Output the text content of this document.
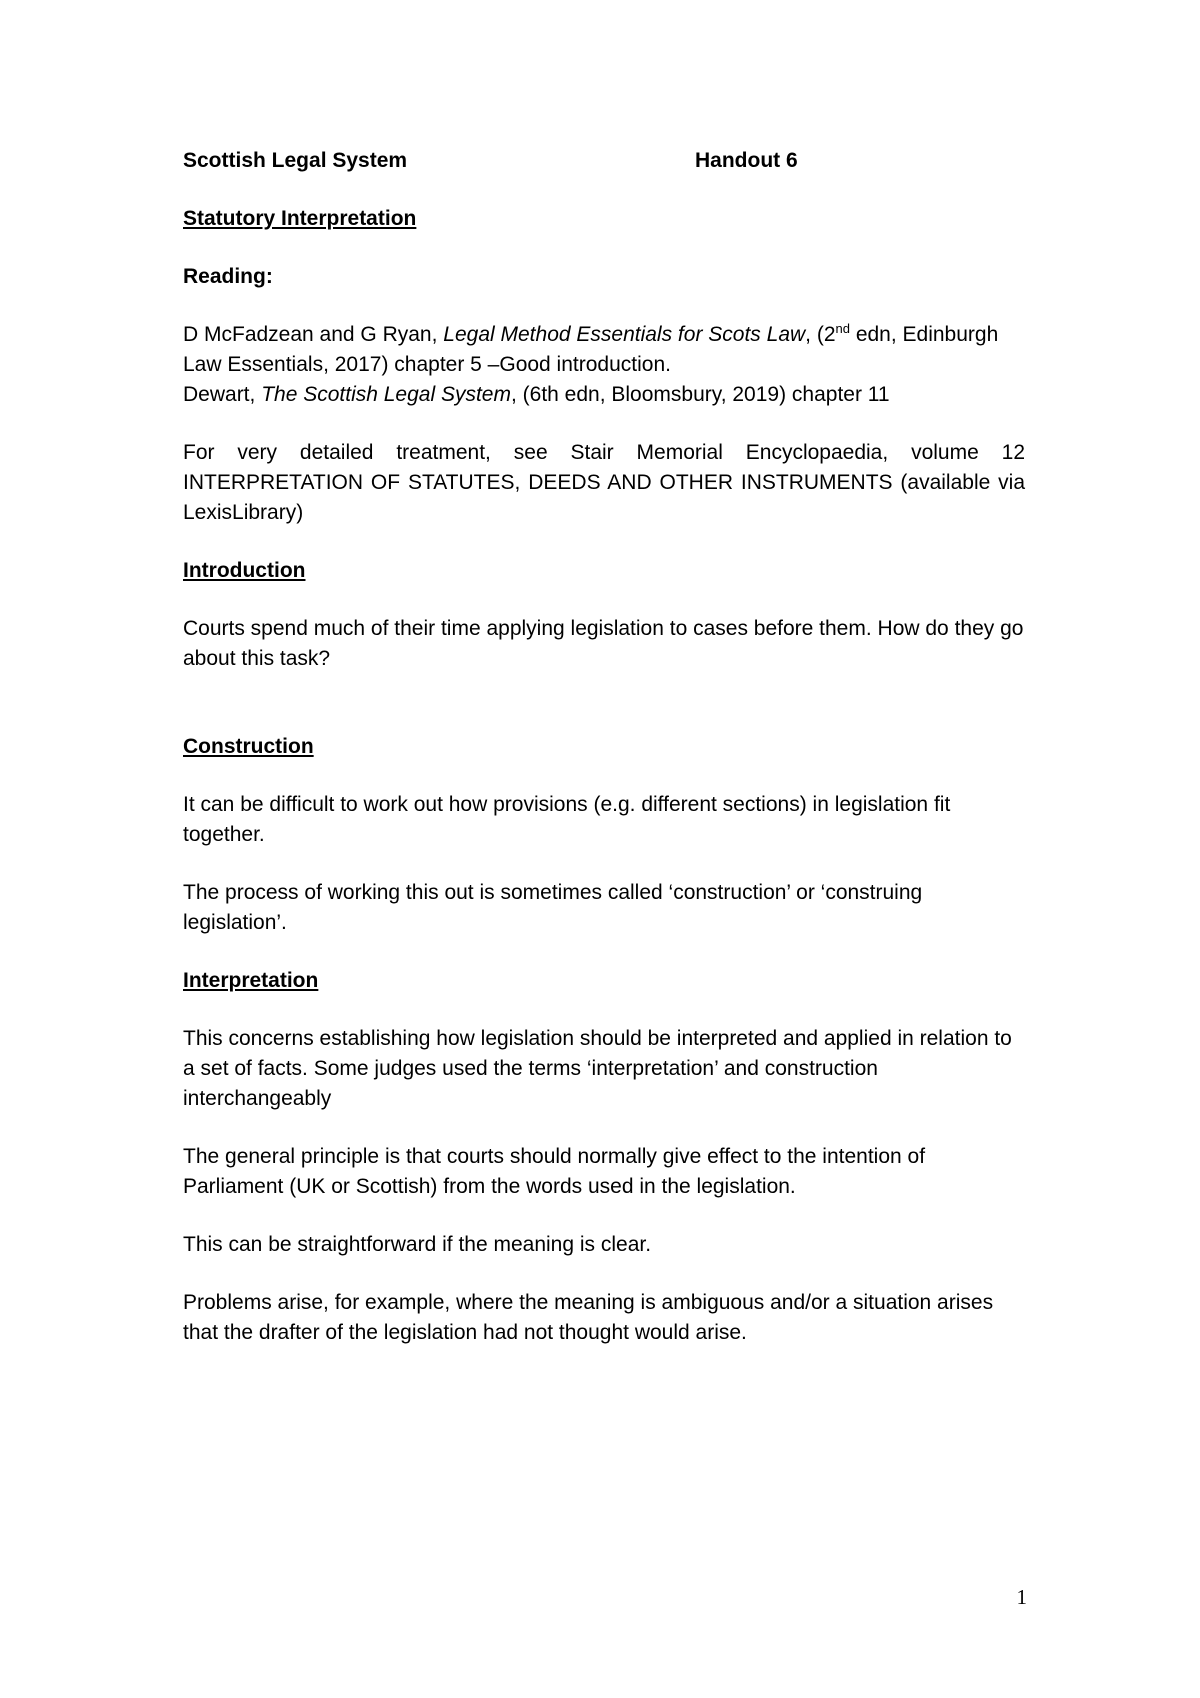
Scottish Legal System	Handout 6
Statutory Interpretation
Reading:

D McFadzean and G Ryan, Legal Method Essentials for Scots Law, (2nd edn, Edinburgh Law Essentials, 2017) chapter 5 –Good introduction.

Dewart, The Scottish Legal System, (6th edn, Bloomsbury, 2019) chapter 11

For very detailed treatment, see Stair Memorial Encyclopaedia, volume 12 INTERPRETATION OF STATUTES, DEEDS AND OTHER INSTRUMENTS (available via LexisLibrary)

Introduction

Courts spend much of their time applying legislation to cases before them. How do they go about this task?

Construction

It can be difficult to work out how provisions (e.g. different sections) in legislation fit together.

The process of working this out is sometimes called ‘construction’ or ‘construing legislation’.

Interpretation

This concerns establishing how legislation should be interpreted and applied in relation to a set of facts. Some judges used the terms ‘interpretation’ and construction interchangeably

The general principle is that courts should normally give effect to the intention of Parliament (UK or Scottish) from the words used in the legislation.

This can be straightforward if the meaning is clear.

Problems arise, for example, where the meaning is ambiguous and/or a situation arises that the drafter of the legislation had not thought would arise.

1
